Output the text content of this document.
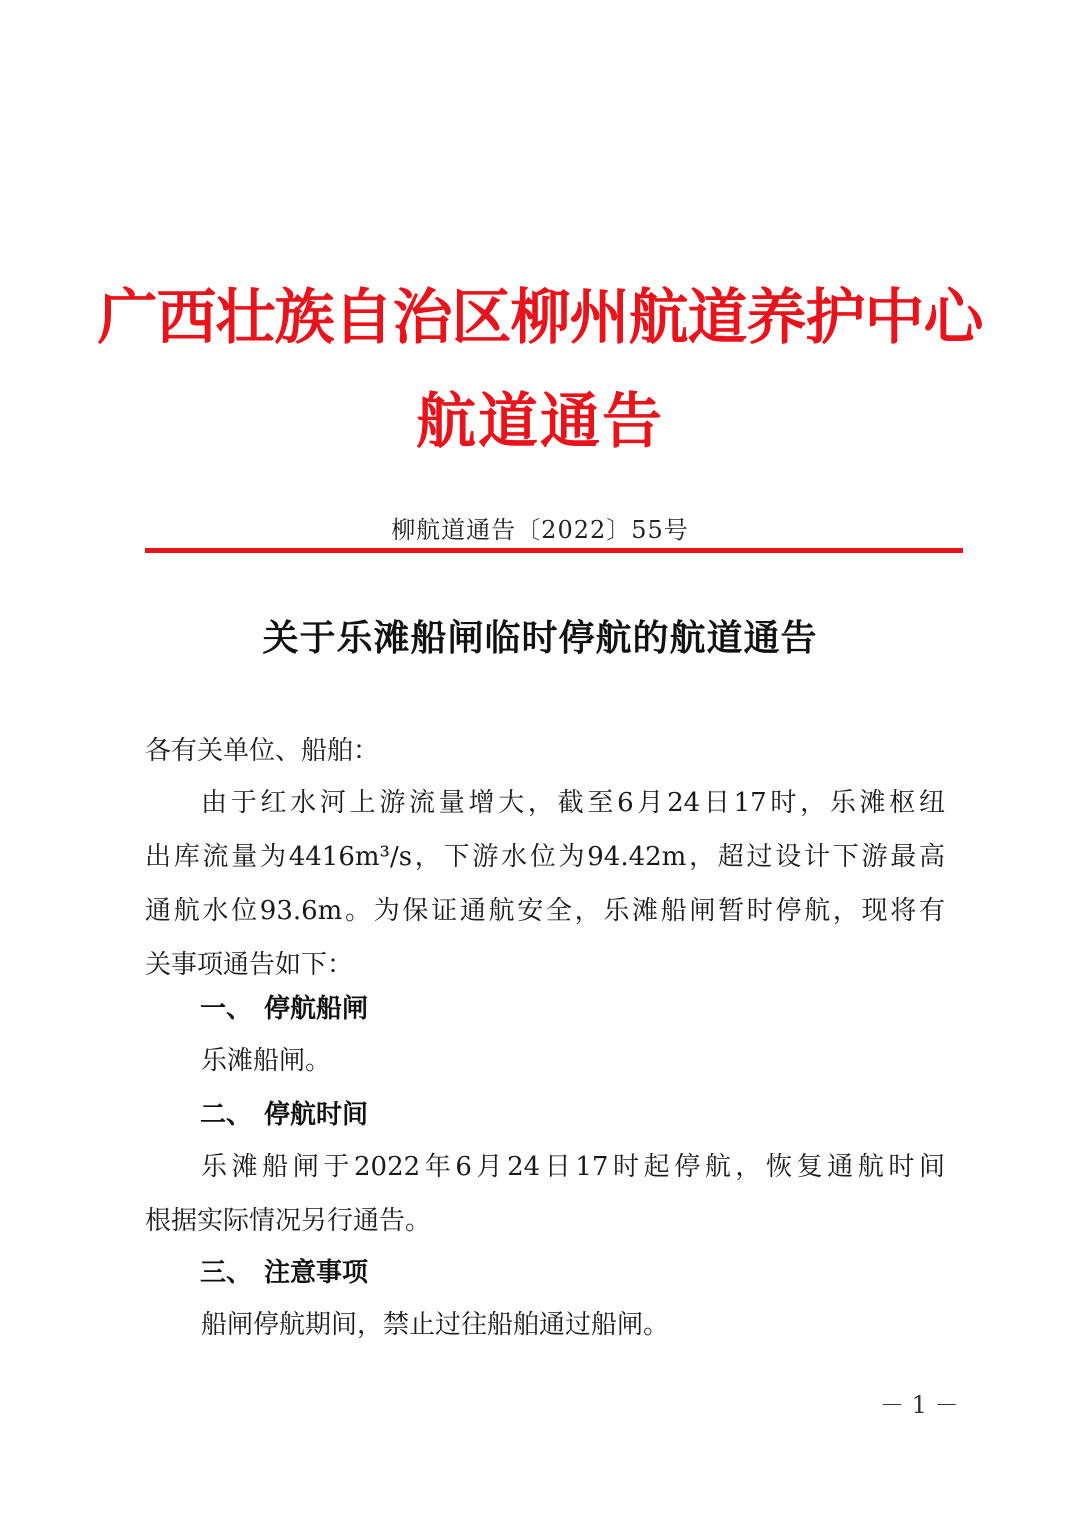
广西壮族自治区柳州航道养护中心
航道通告
柳航道通告〔2022〕55号
关于乐滩船闸临时停航的航道通告
各有关单位、船舶：
由于红水河上游流量增大，截至6月24日17时，乐滩枢纽
出库流量为4416m³/s，下游水位为94.42m，超过设计下游最高
通航水位93.6m。为保证通航安全，乐滩船闸暂时停航，现将有
关事项通告如下：
一、 停航船闸
乐滩船闸。
二、 停航时间
乐滩船闸于2022年6月24日17时起停航，恢复通航时间
根据实际情况另行通告。
三、 注意事项
船闸停航期间，禁止过往船舶通过船闸。
－ 1 －
